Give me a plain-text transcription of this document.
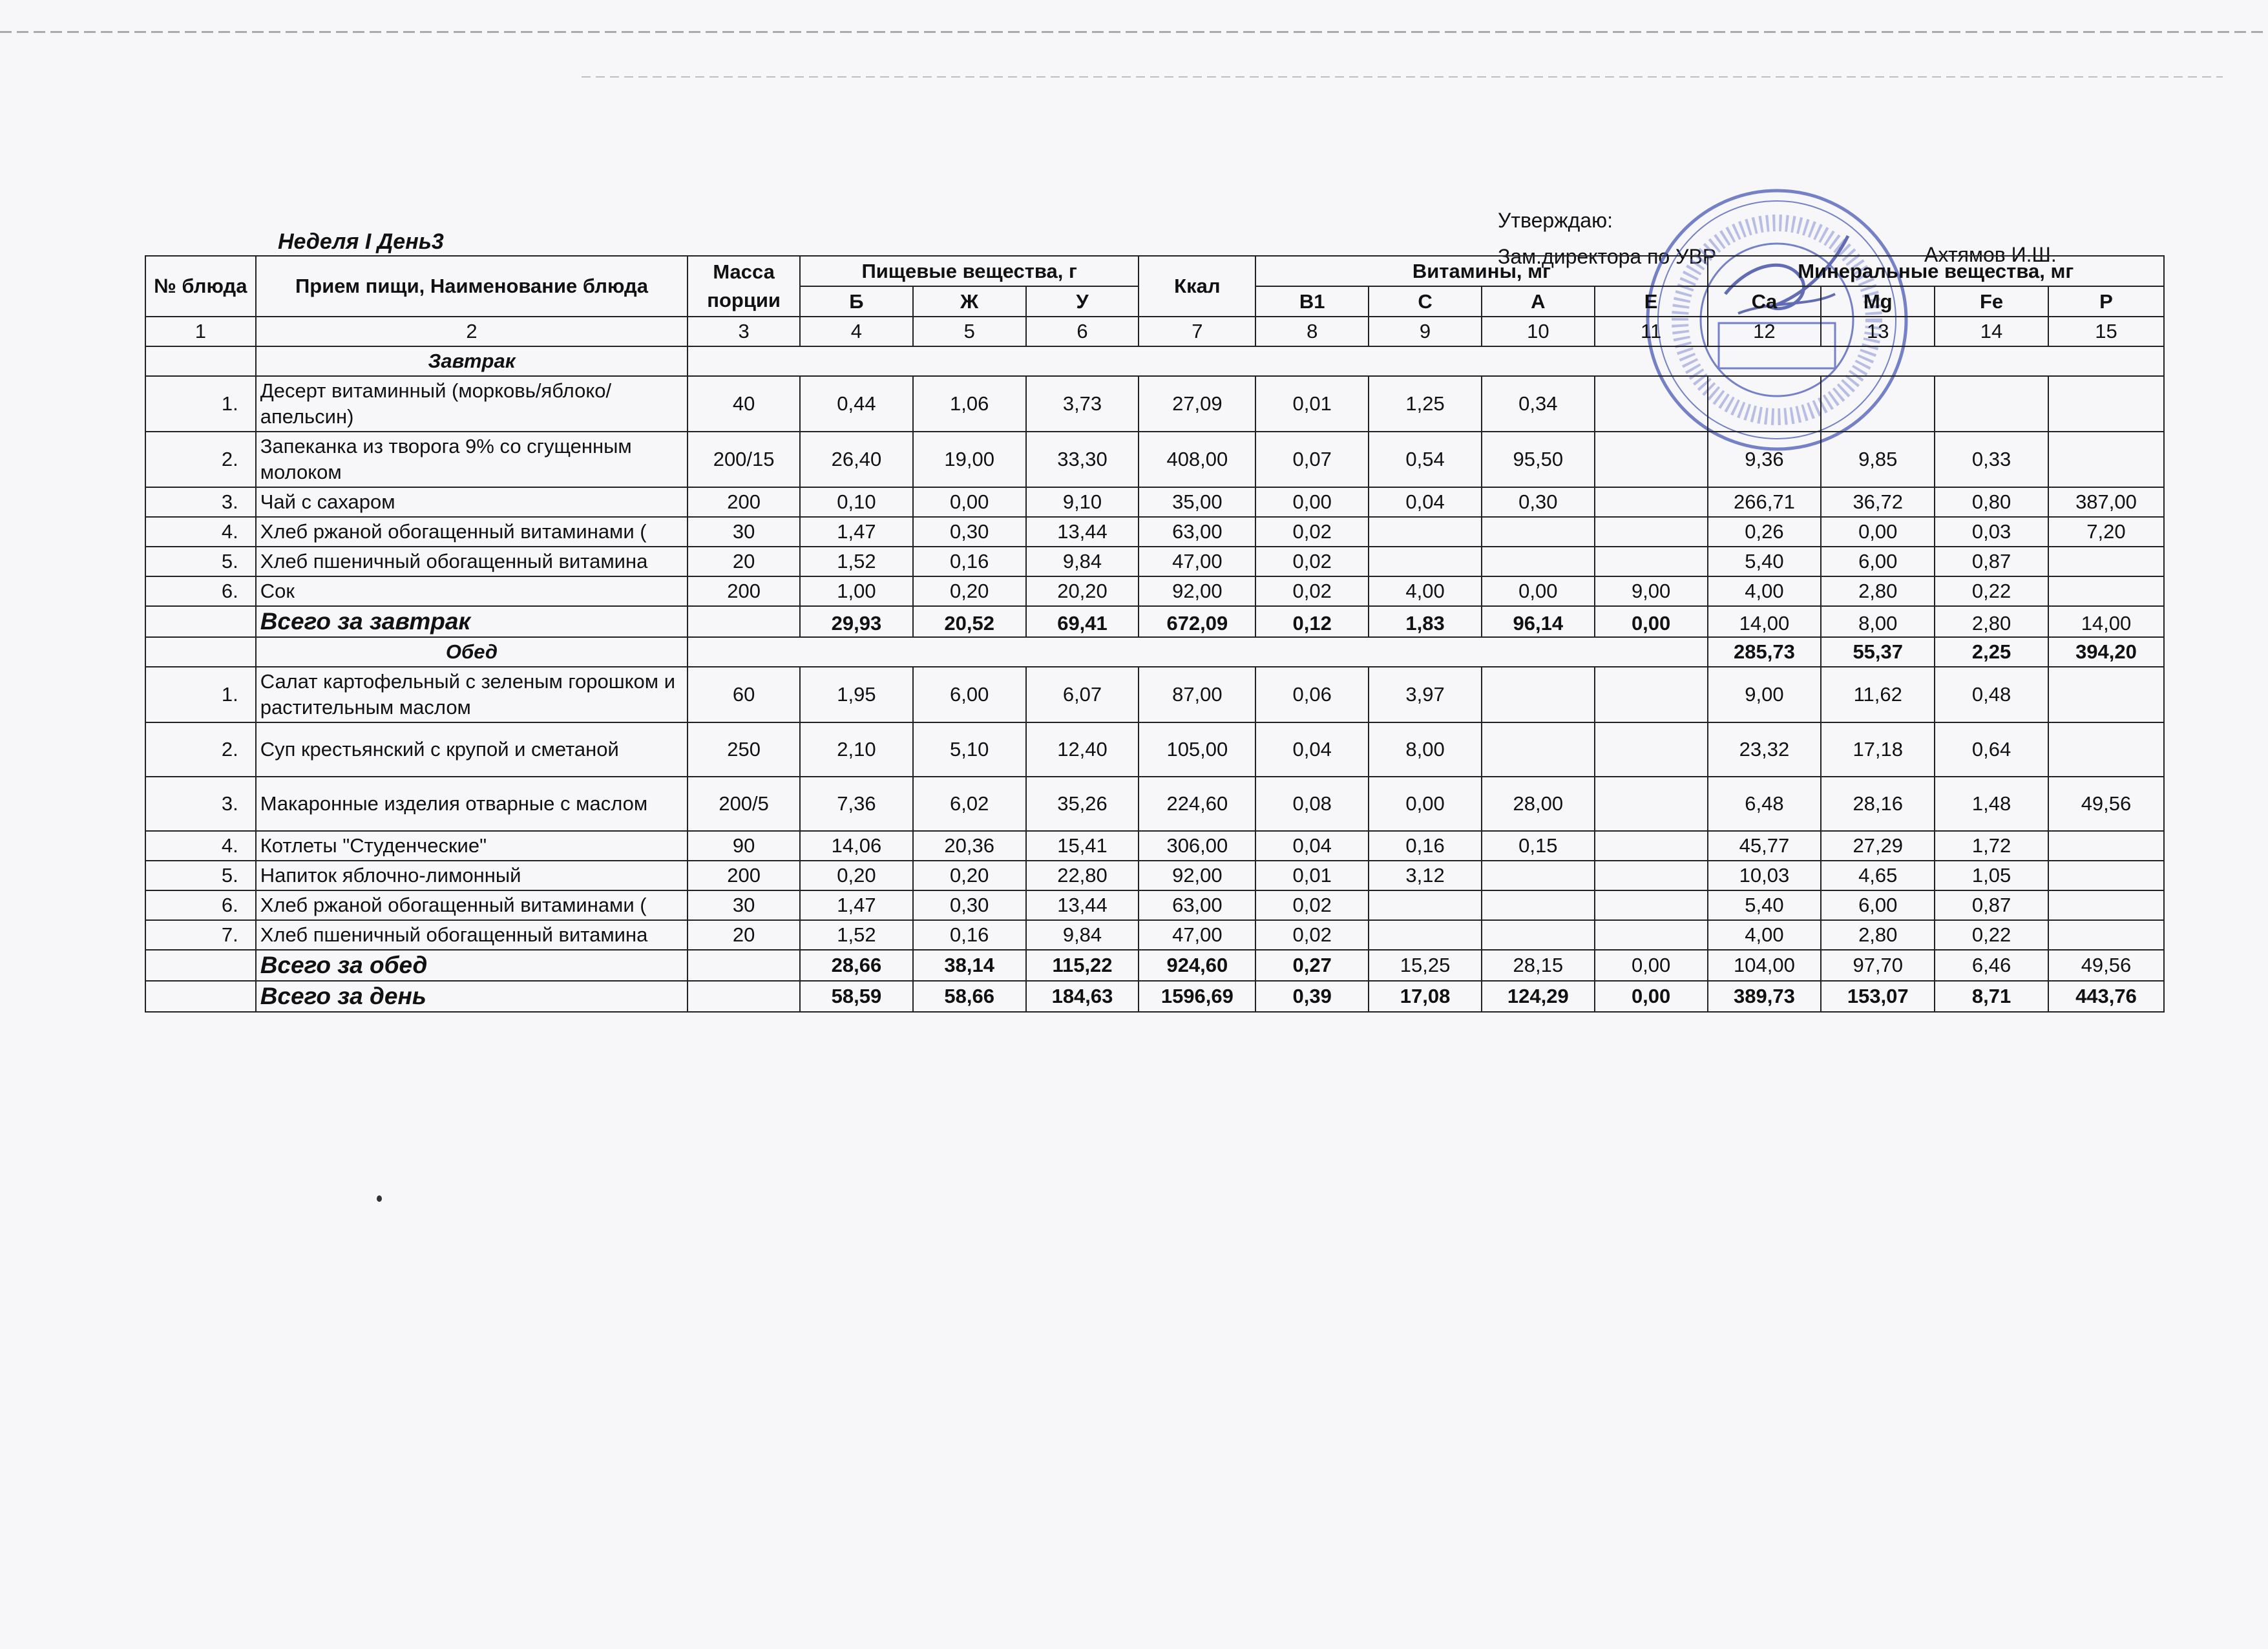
Неделя I День3
Утверждаю:
Зам.директора по УВР	Ахтямов И.Ш.
№ блюда	Прием пищи, Наименование блюда	Масса порции	Пищевые вещества, г			Ккал	Витамины, мг				Минеральные вещества, мг			
			Б	Ж	У		B1	C	A	E	Ca	Mg	Fe	P
1	2	3	4	5	6	7	8	9	10	11	12	13	14	15
	Завтрак													
1.	Десерт витаминный (морковь/яблоко/апельсин)	40	0,44	1,06	3,73	27,09	0,01	1,25	0,34					
2.	Запеканка из творога 9% со сгущенным молоком	200/15	26,40	19,00	33,30	408,00	0,07	0,54	95,50		9,36	9,85	0,33	
3.	Чай с сахаром	200	0,10	0,00	9,10	35,00	0,00	0,04	0,30		266,71	36,72	0,80	387,00
4.	Хлеб ржаной обогащенный витаминами (	30	1,47	0,30	13,44	63,00	0,02				0,26	0,00	0,03	7,20
5.	Хлеб пшеничный обогащенный витамина	20	1,52	0,16	9,84	47,00	0,02				5,40	6,00	0,87	
6.	Сок	200	1,00	0,20	20,20	92,00	0,02	4,00	0,00	9,00	4,00	2,80	0,22	
	Всего за завтрак		29,93	20,52	69,41	672,09	0,12	1,83	96,14	0,00	14,00	8,00	2,80	14,00
	Обед										285,73	55,37	2,25	394,20
1.	Салат картофельный с зеленым горошком и растительным маслом	60	1,95	6,00	6,07	87,00	0,06	3,97			9,00	11,62	0,48	
2.	Суп крестьянский с крупой и сметаной	250	2,10	5,10	12,40	105,00	0,04	8,00			23,32	17,18	0,64	
3.	Макаронные изделия отварные с маслом	200/5	7,36	6,02	35,26	224,60	0,08	0,00	28,00		6,48	28,16	1,48	49,56
4.	Котлеты "Студенческие"	90	14,06	20,36	15,41	306,00	0,04	0,16	0,15		45,77	27,29	1,72	
5.	Напиток яблочно-лимонный	200	0,20	0,20	22,80	92,00	0,01	3,12			10,03	4,65	1,05	
6.	Хлеб ржаной обогащенный витаминами (	30	1,47	0,30	13,44	63,00	0,02				5,40	6,00	0,87	
7.	Хлеб пшеничный обогащенный витамина	20	1,52	0,16	9,84	47,00	0,02				4,00	2,80	0,22	
	Всего за обед		28,66	38,14	115,22	924,60	0,27	15,25	28,15	0,00	104,00	97,70	6,46	49,56
	Всего за день		58,59	58,66	184,63	1596,69	0,39	17,08	124,29	0,00	389,73	153,07	8,71	443,76
